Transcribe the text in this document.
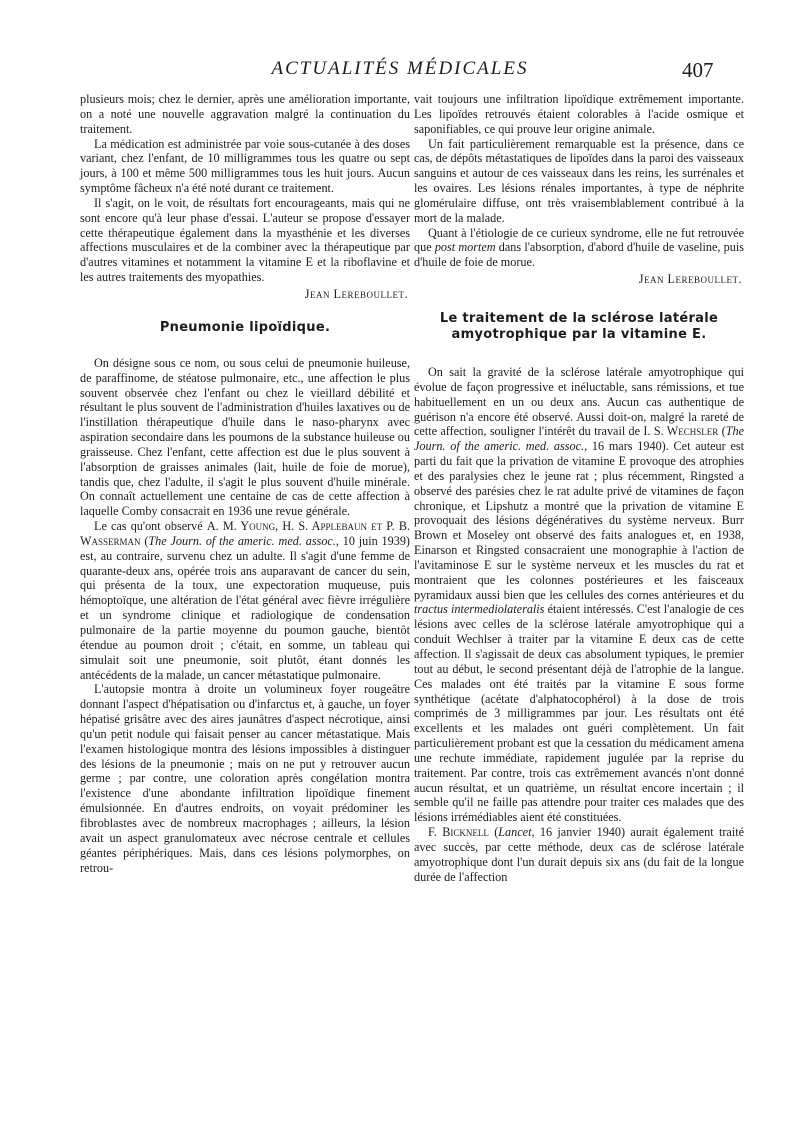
ACTUALITÉS MÉDICALES	407

plusieurs mois; chez le dernier, après une amélioration importante, on a noté une nouvelle aggravation malgré la continuation du traitement.

La médication est administrée par voie sous-cutanée à des doses variant, chez l'enfant, de 10 milligrammes tous les quatre ou sept jours, à 100 et même 500 milligrammes tous les huit jours. Aucun symptôme fâcheux n'a été noté durant ce traitement.

Il s'agit, on le voit, de résultats fort encourageants, mais qui ne sont encore qu'à leur phase d'essai. L'auteur se propose d'essayer cette thérapeutique également dans la myasthénie et les diverses affections musculaires et de la combiner avec la thérapeutique par d'autres vitamines et notamment la vitamine E et la riboflavine et les autres traitements des myopathies.

Jean Lereboullet.

Pneumonie lipoïdique.

On désigne sous ce nom, ou sous celui de pneumonie huileuse, de paraffinome, de stéatose pulmonaire, etc., une affection le plus souvent observée chez l'enfant ou chez le vieillard débilité et résultant le plus souvent de l'administration d'huiles laxatives ou de l'instillation thérapeutique d'huile dans le naso-pharynx avec aspiration secondaire dans les poumons de la substance huileuse ou graisseuse. Chez l'enfant, cette affection est due le plus souvent à l'absorption de graisses animales (lait, huile de foie de morue), tandis que, chez l'adulte, il s'agit le plus souvent d'huile minérale. On connaît actuellement une centaine de cas de cette affection à laquelle Comby consacrait en 1936 une revue générale.

Le cas qu'ont observé A. M. Young, H. S. Applebaun et P. B. Wasserman (The Journ. of the americ. med. assoc., 10 juin 1939) est, au contraire, survenu chez un adulte. Il s'agit d'une femme de quarante-deux ans, opérée trois ans auparavant de cancer du sein, qui présenta de la toux, une expectoration muqueuse, puis hémoptoïque, une altération de l'état général avec fièvre irrégulière et un syndrome clinique et radiologique de condensation pulmonaire de la partie moyenne du poumon gauche, bientôt étendue au poumon droit ; c'était, en somme, un tableau qui simulait soit une pneumonie, soit plutôt, étant donnés les antécédents de la malade, un cancer métastatique pulmonaire.

L'autopsie montra à droite un volumineux foyer rougeâtre donnant l'aspect d'hépatisation ou d'infarctus et, à gauche, un foyer hépatisé grisâtre avec des aires jaunâtres d'aspect nécrotique, ainsi qu'un petit nodule qui faisait penser au cancer métastatique. Mais l'examen histologique montra des lésions impossibles à distinguer des lésions de la pneumonie ; mais on ne put y retrouver aucun germe ; par contre, une coloration après congélation montra l'existence d'une abondante infiltration lipoïdique finement émulsionnée. En d'autres endroits, on voyait prédominer les fibroblastes avec de nombreux macrophages ; ailleurs, la lésion avait un aspect granulomateux avec nécrose centrale et cellules géantes périphériques. Mais, dans ces lésions polymorphes, on retrou-

vait toujours une infiltration lipoïdique extrêmement importante. Les lipoïdes retrouvés étaient colorables à l'acide osmique et saponifiables, ce qui prouve leur origine animale.

Un fait particulièrement remarquable est la présence, dans ce cas, de dépôts métastatiques de lipoïdes dans la paroi des vaisseaux sanguins et autour de ces vaisseaux dans les reins, les surrénales et les ovaires. Les lésions rénales importantes, à type de néphrite glomérulaire diffuse, ont très vraisemblablement contribué à la mort de la malade.

Quant à l'étiologie de ce curieux syndrome, elle ne fut retrouvée que post mortem dans l'absorption, d'abord d'huile de vaseline, puis d'huile de foie de morue.

Jean Lereboullet.

Le traitement de la sclérose latérale amyotrophique par la vitamine E.

On sait la gravité de la sclérose latérale amyotrophique qui évolue de façon progressive et inéluctable, sans rémissions, et tue habituellement en un ou deux ans. Aucun cas authentique de guérison n'a encore été observé. Aussi doit-on, malgré la rareté de cette affection, souligner l'intérêt du travail de I. S. Wechsler (The Journ. of the americ. med. assoc., 16 mars 1940). Cet auteur est parti du fait que la privation de vitamine E provoque des atrophies et des paralysies chez le jeune rat ; plus récemment, Ringsted a observé des parésies chez le rat adulte privé de vitamines de façon chronique, et Lipshutz a montré que la privation de vitamine E provoquait des lésions dégénératives du système nerveux. Burr Brown et Moseley ont observé des faits analogues et, en 1938, Einarson et Ringsted consacraient une monographie à l'action de l'avitaminose E sur le système nerveux et les muscles du rat et montraient que les colonnes postérieures et les faisceaux pyramidaux aussi bien que les cellules des cornes antérieures et du tractus intermediolateralis étaient intéressés. C'est l'analogie de ces lésions avec celles de la sclérose latérale amyotrophique qui a conduit Wechlser à traiter par la vitamine E deux cas de cette affection. Il s'agissait de deux cas absolument typiques, le premier tout au début, le second présentant déjà de l'atrophie de la langue. Ces malades ont été traités par la vitamine E sous forme synthétique (acétate d'alphatocophérol) à la dose de trois comprimés de 3 milligrammes par jour. Les résultats ont été excellents et les malades ont guéri complètement. Un fait particulièrement probant est que la cessation du médicament amena une rechute immédiate, rapidement jugulée par la reprise du traitement. Par contre, trois cas extrêmement avancés n'ont donné aucun résultat, et un quatrième, un résultat encore incertain ; il semble qu'il ne faille pas attendre pour traiter ces malades que des lésions irrémédiables aient été constituées.

F. Bicknell (Lancet, 16 janvier 1940) aurait également traité avec succès, par cette méthode, deux cas de sclérose latérale amyotrophique dont l'un durait depuis six ans (du fait de la longue durée de l'affection
